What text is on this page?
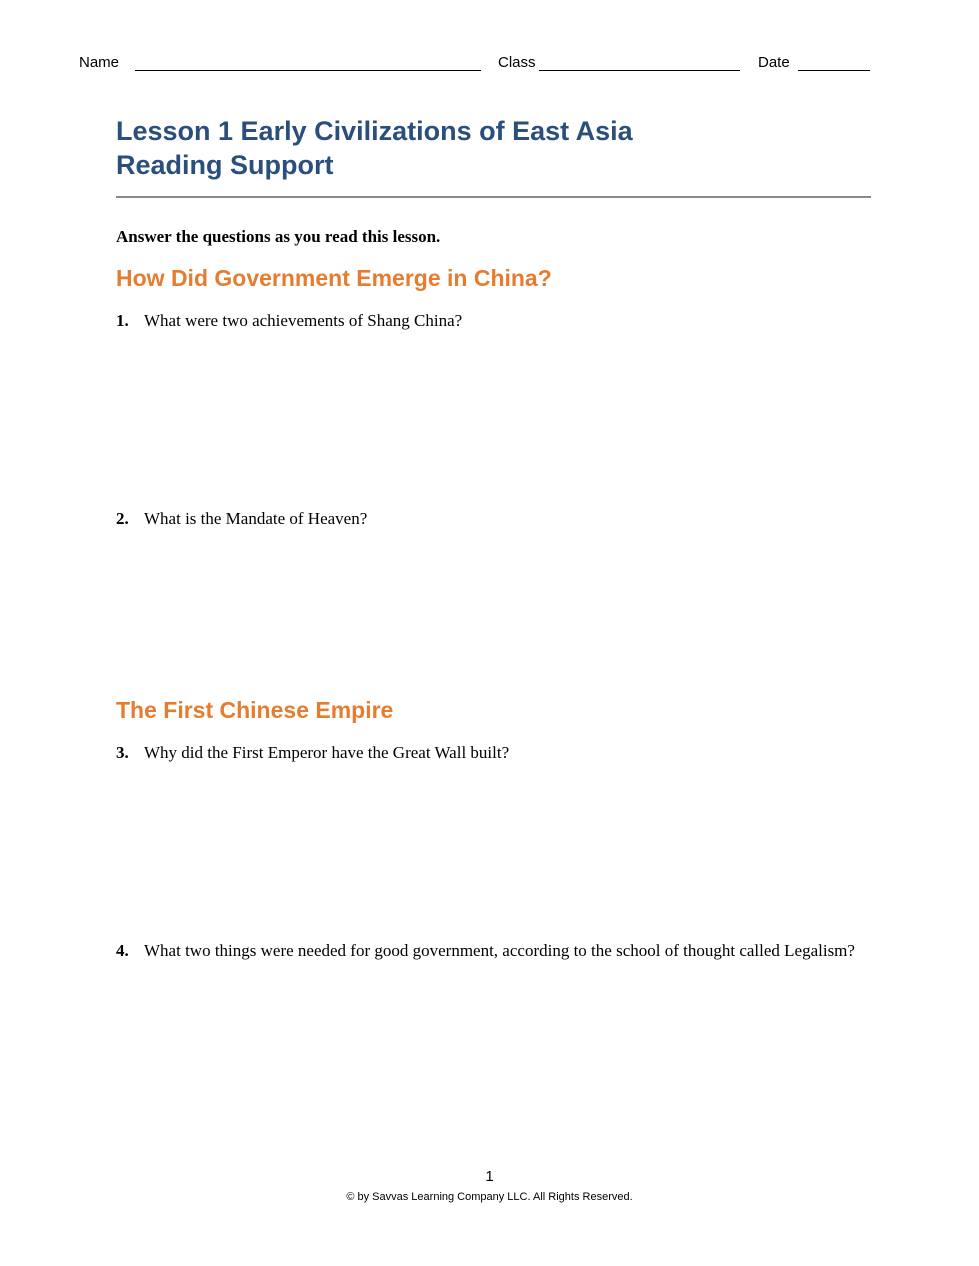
Name	Class	Date
Lesson 1 Early Civilizations of East Asia
Reading Support
Answer the questions as you read this lesson.
How Did Government Emerge in China?
1. What were two achievements of Shang China?
2. What is the Mandate of Heaven?
The First Chinese Empire
3. Why did the First Emperor have the Great Wall built?
4. What two things were needed for good government, according to the school of thought called Legalism?
1
© by Savvas Learning Company LLC. All Rights Reserved.
